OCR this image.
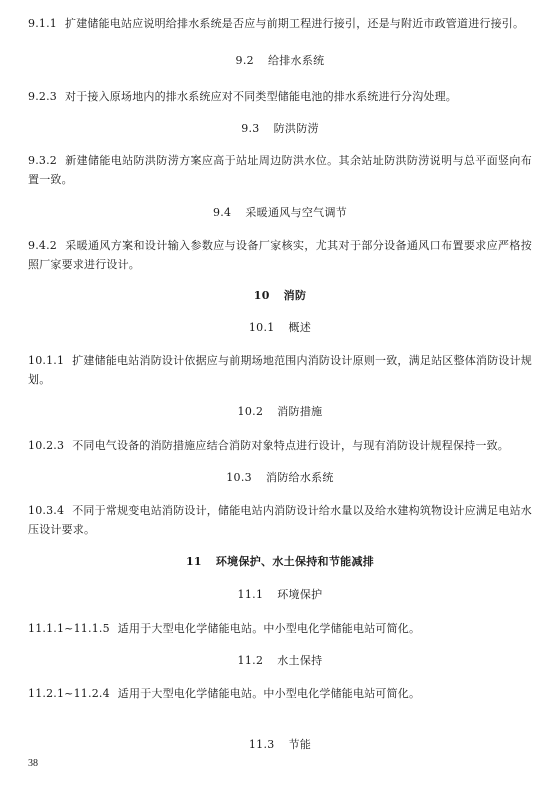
9.1.1 扩建储能电站应说明给排水系统是否应与前期工程进行接引，还是与附近市政管道进行接引。
9.2 给排水系统
9.2.3 对于接入原场地内的排水系统应对不同类型储能电池的排水系统进行分沟处理。
9.3 防洪防涝
9.3.2 新建储能电站防洪防涝方案应高于站址周边防洪水位。其余站址防洪防涝说明与总平面竖向布置一致。
9.4 采暖通风与空气调节
9.4.2 采暖通风方案和设计输入参数应与设备厂家核实，尤其对于部分设备通风口布置要求应严格按照厂家要求进行设计。
10 消防
10.1 概述
10.1.1 扩建储能电站消防设计依据应与前期场地范围内消防设计原则一致，满足站区整体消防设计规划。
10.2 消防措施
10.2.3 不同电气设备的消防措施应结合消防对象特点进行设计，与现有消防设计规程保持一致。
10.3 消防给水系统
10.3.4 不同于常规变电站消防设计，储能电站内消防设计给水量以及给水建构筑物设计应满足电站水压设计要求。
11 环境保护、水土保持和节能减排
11.1 环境保护
11.1.1~11.1.5 适用于大型电化学储能电站。中小型电化学储能电站可简化。
11.2 水土保持
11.2.1~11.2.4 适用于大型电化学储能电站。中小型电化学储能电站可简化。
11.3 节能
38
